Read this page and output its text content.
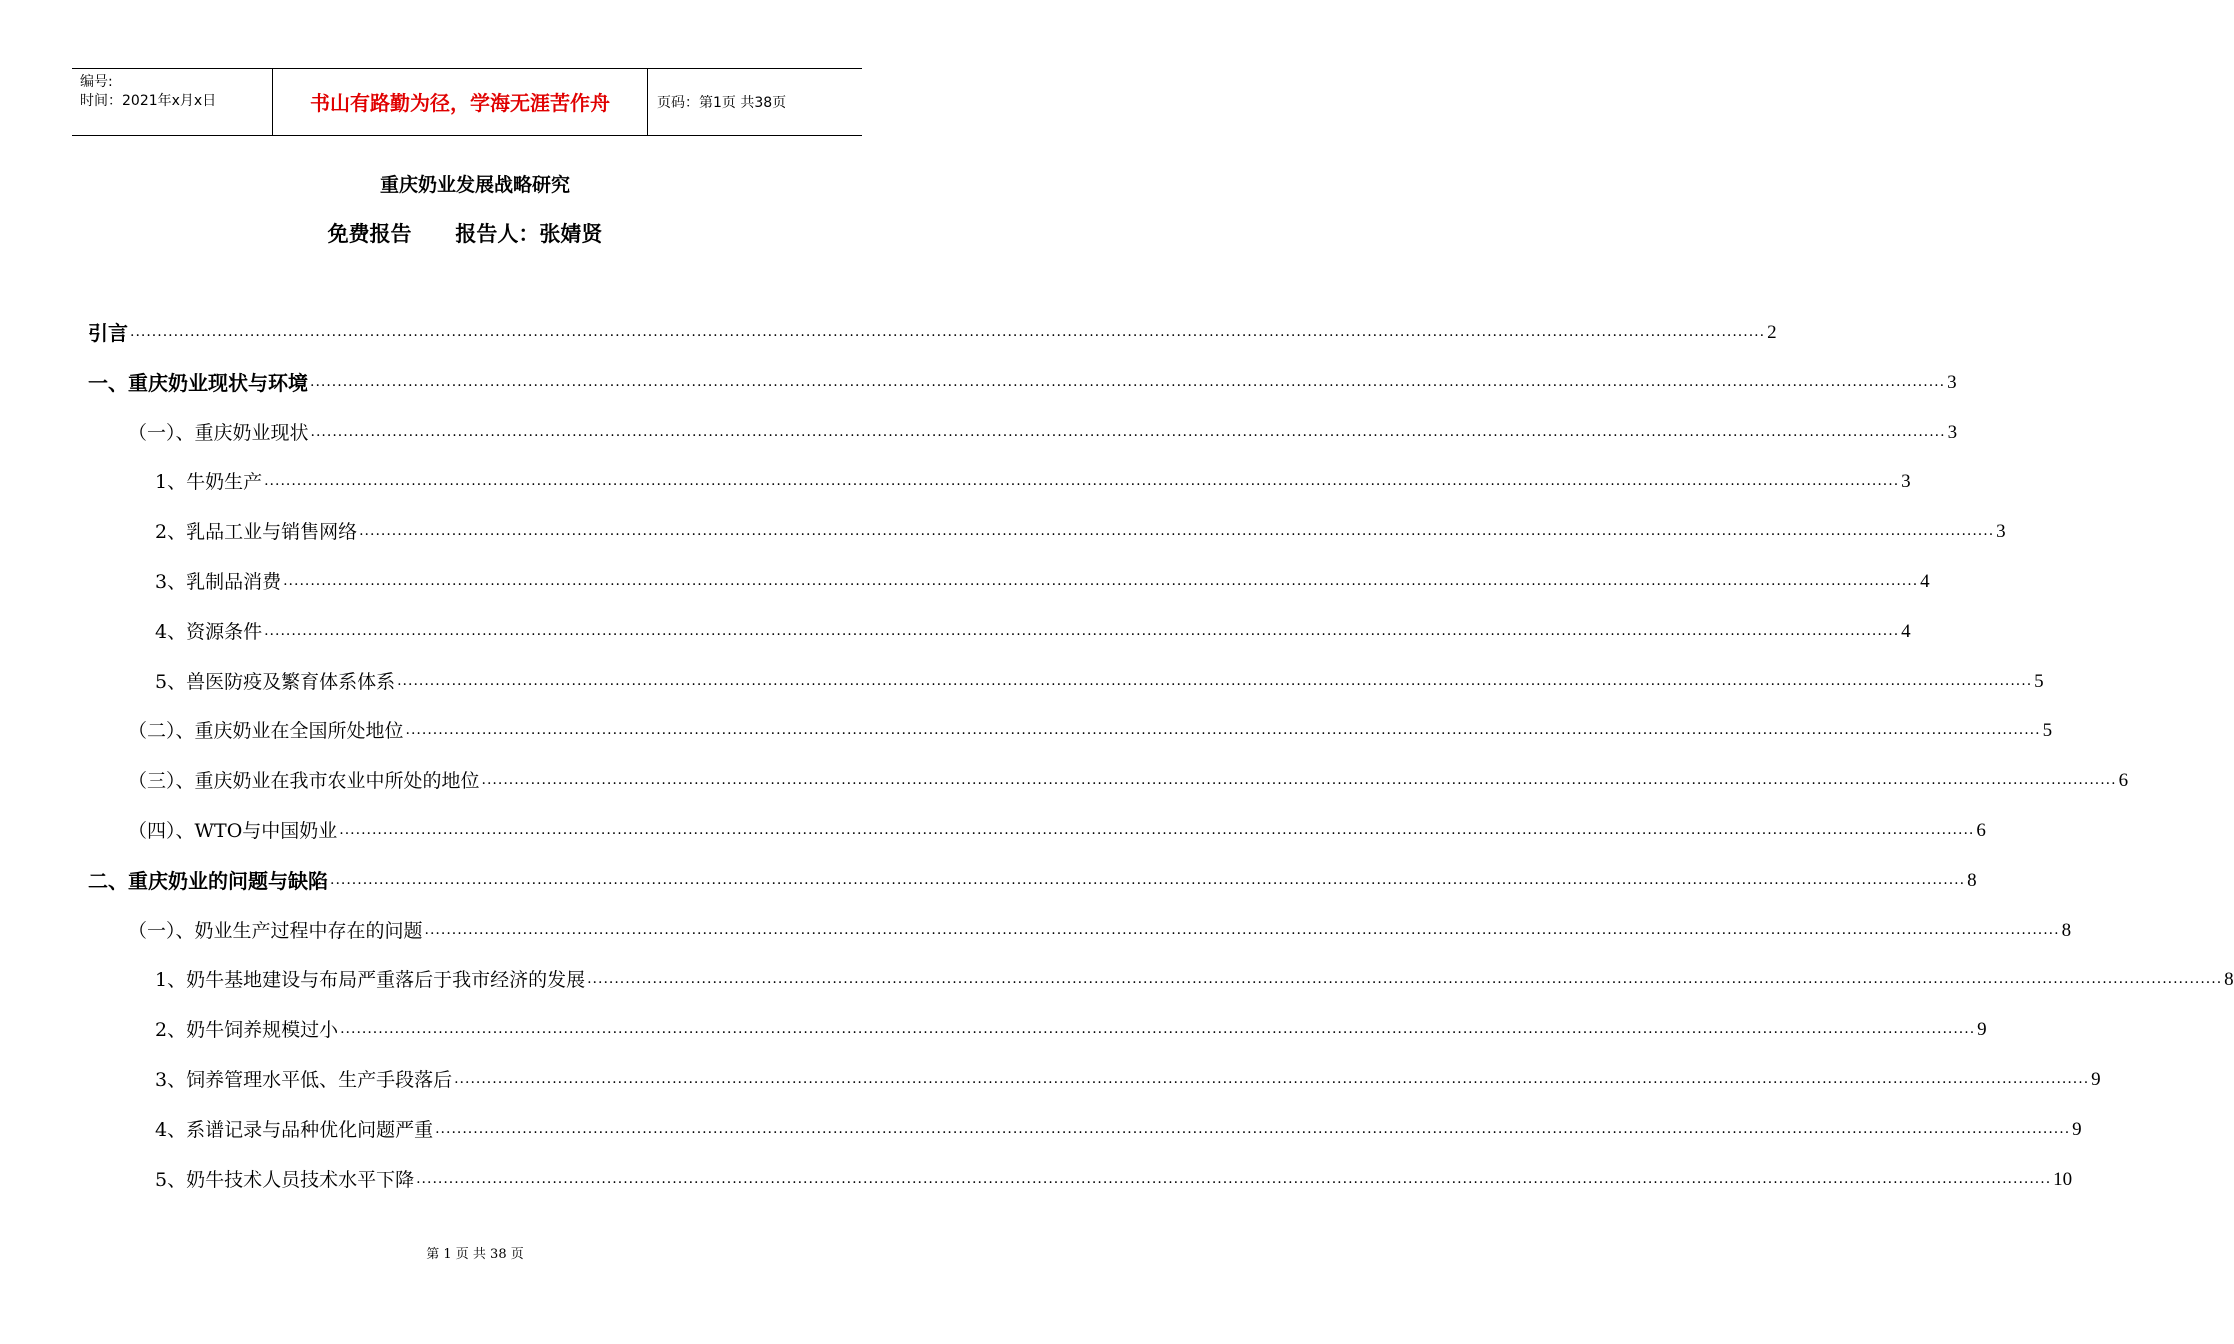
编号:
时间：2021年x月x日	书山有路勤为径，学海无涯苦作舟	页码：第1页 共38页
重庆奶业发展战略研究
免费报告      报告人：张婧贤
引言 ............................................................................................................................................................................................................................................................................................................ 2
一、重庆奶业现状与环境 ............................................................................................................................................................................................................................................................................................................ 3
（一）、重庆奶业现状 ............................................................................................................................................................................................................................................................................................................ 3
1、牛奶生产 ............................................................................................................................................................................................................................................................................................................ 3
2、乳品工业与销售网络 ............................................................................................................................................................................................................................................................................................................ 3
3、乳制品消费 ............................................................................................................................................................................................................................................................................................................ 4
4、资源条件 ............................................................................................................................................................................................................................................................................................................ 4
5、兽医防疫及繁育体系体系 ............................................................................................................................................................................................................................................................................................................ 5
（二）、重庆奶业在全国所处地位 ............................................................................................................................................................................................................................................................................................................ 5
（三）、重庆奶业在我市农业中所处的地位 ............................................................................................................................................................................................................................................................................................................ 6
（四）、WTO与中国奶业 ............................................................................................................................................................................................................................................................................................................ 6
二、重庆奶业的问题与缺陷 ............................................................................................................................................................................................................................................................................................................ 8
（一）、奶业生产过程中存在的问题 ............................................................................................................................................................................................................................................................................................................ 8
1、奶牛基地建设与布局严重落后于我市经济的发展 ............................................................................................................................................................................................................................................................................................................ 8
2、奶牛饲养规模过小 ............................................................................................................................................................................................................................................................................................................ 9
3、饲养管理水平低、生产手段落后 ............................................................................................................................................................................................................................................................................................................ 9
4、系谱记录与品种优化问题严重 ............................................................................................................................................................................................................................................................................................................ 9
5、奶牛技术人员技术水平下降 ............................................................................................................................................................................................................................................................................................................ 10
第 1 页 共 38 页
